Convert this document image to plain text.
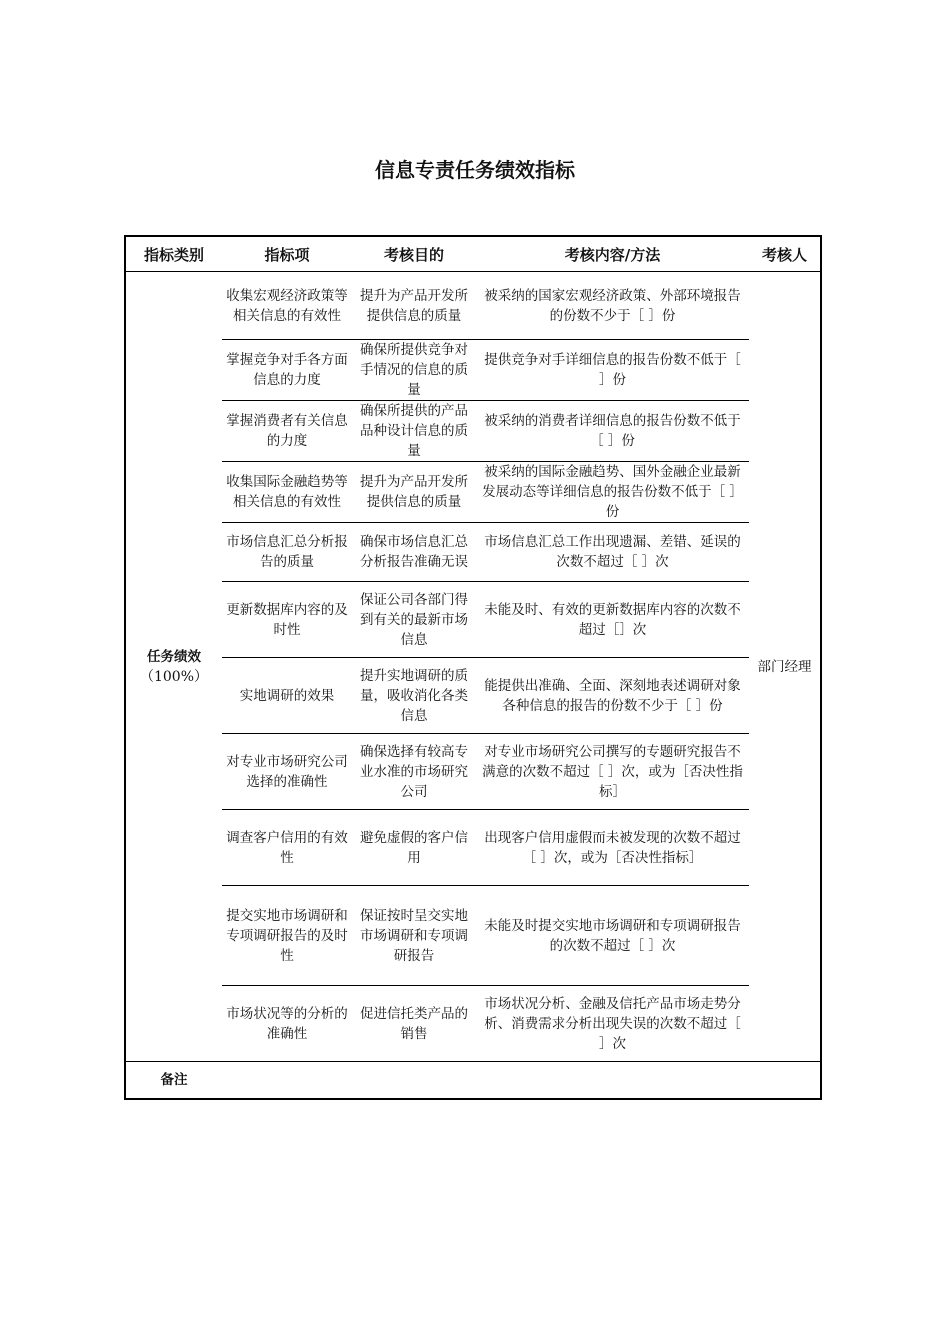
信息专责任务绩效指标
指标类别	指标项	考核目的	考核内容/方法	考核人

任务绩效
（100%）	收集宏观经济政策等相关信息的有效性	提升为产品开发所提供信息的质量	被采纳的国家宏观经济政策、外部环境报告的份数不少于［ ］份	部门经理
	掌握竞争对手各方面信息的力度	确保所提供竞争对手情况的信息的质量	提供竞争对手详细信息的报告份数不低于［ ］份	
	掌握消费者有关信息的力度	确保所提供的产品品种设计信息的质量	被采纳的消费者详细信息的报告份数不低于［ ］份	
	收集国际金融趋势等相关信息的有效性	提升为产品开发所提供信息的质量	被采纳的国际金融趋势、国外金融企业最新发展动态等详细信息的报告份数不低于［ ］份	
	市场信息汇总分析报告的质量	确保市场信息汇总分析报告准确无误	市场信息汇总工作出现遗漏、差错、延误的次数不超过［ ］次	
	更新数据库内容的及时性	保证公司各部门得到有关的最新市场信息	未能及时、有效的更新数据库内容的次数不超过［］次	
	实地调研的效果	提升实地调研的质量，吸收消化各类信息	能提供出准确、全面、深刻地表述调研对象各种信息的报告的份数不少于［ ］份	
	对专业市场研究公司选择的准确性	确保选择有较高专业水准的市场研究公司	对专业市场研究公司撰写的专题研究报告不满意的次数不超过［ ］次，或为［否决性指标］	
	调查客户信用的有效性	避免虚假的客户信用	出现客户信用虚假而未被发现的次数不超过［ ］次，或为［否决性指标］	
	提交实地市场调研和专项调研报告的及时性	保证按时呈交实地市场调研和专项调研报告	未能及时提交实地市场调研和专项调研报告的次数不超过［ ］次	
	市场状况等的分析的准确性	促进信托类产品的销售	市场状况分析、金融及信托产品市场走势分析、消费需求分析出现失误的次数不超过［ ］次	
备注				
